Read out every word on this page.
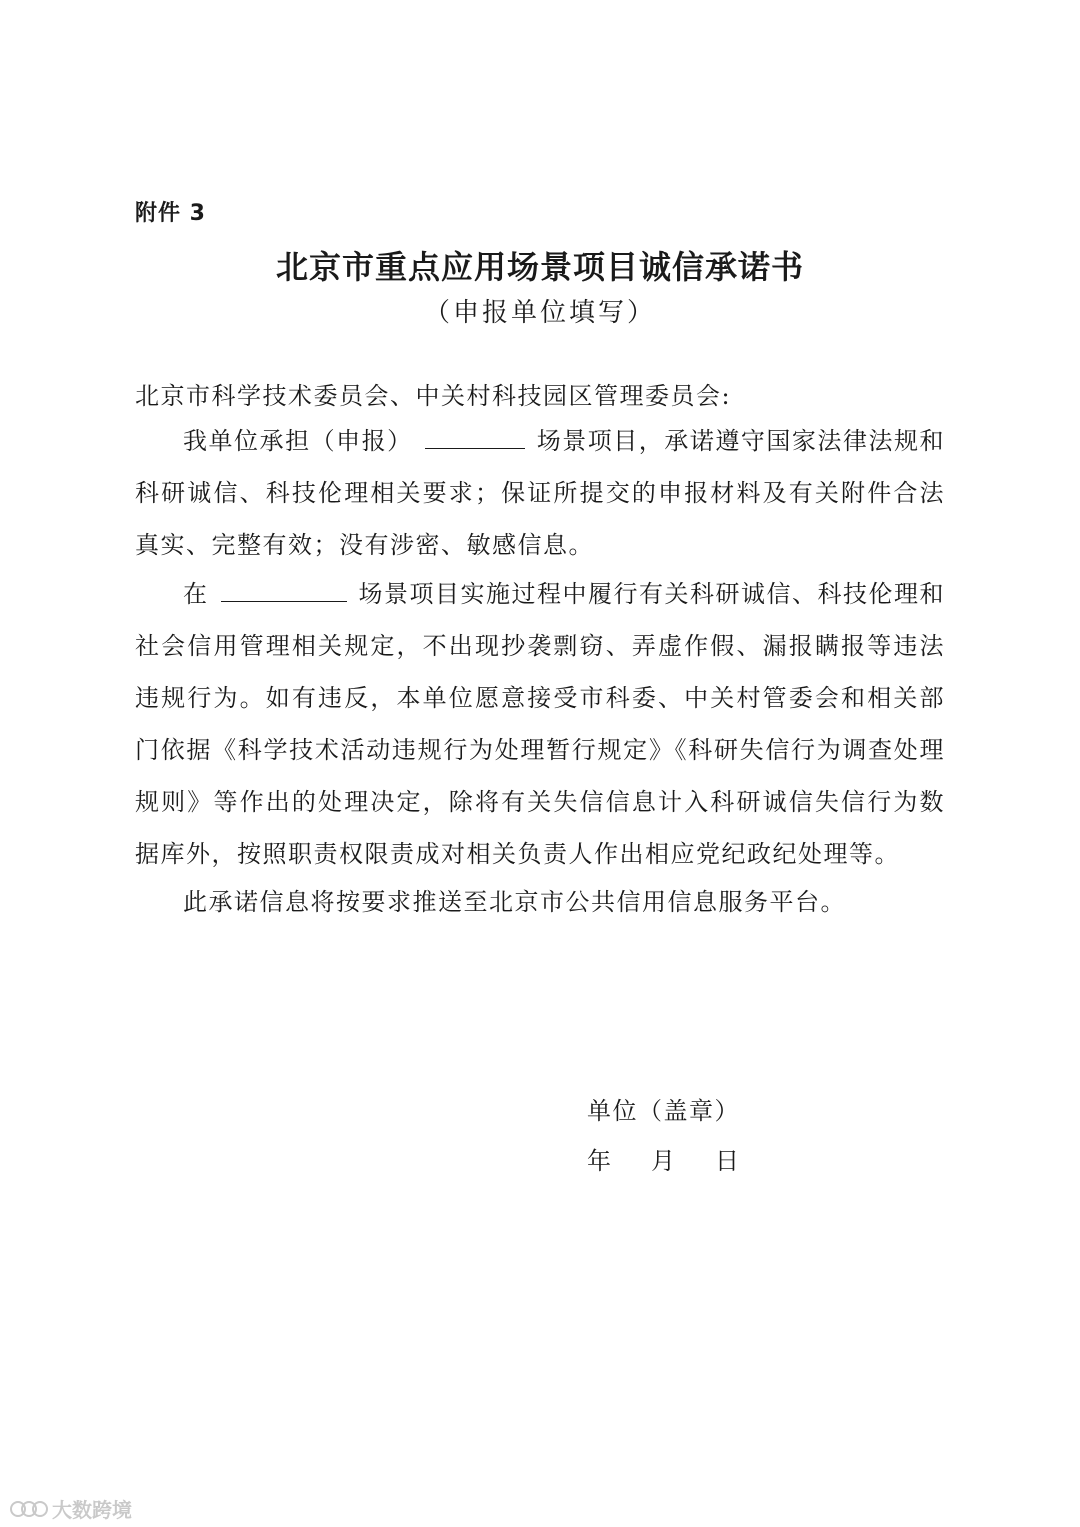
附件 3
北京市重点应用场景项目诚信承诺书
（申报单位填写）
北京市科学技术委员会、中关村科技园区管理委员会:

我单位承担（申报）	场景项目，承诺遵守国家法律法规和科研诚信、科技伦理相关要求；保证所提交的申报材料及有关附件合法真实、完整有效；没有涉密、敏感信息。

在	场景项目实施过程中履行有关科研诚信、科技伦理和社会信用管理相关规定，不出现抄袭剽窃、弄虚作假、漏报瞒报等违法违规行为。如有违反，本单位愿意接受市科委、中关村管委会和相关部门依据《科学技术活动违规行为处理暂行规定》《科研失信行为调查处理规则》等作出的处理决定，除将有关失信信息计入科研诚信失信行为数据库外，按照职责权限责成对相关负责人作出相应党纪政纪处理等。

此承诺信息将按要求推送至北京市公共信用信息服务平台。

单位（盖章）
年 月 日
大数跨境
